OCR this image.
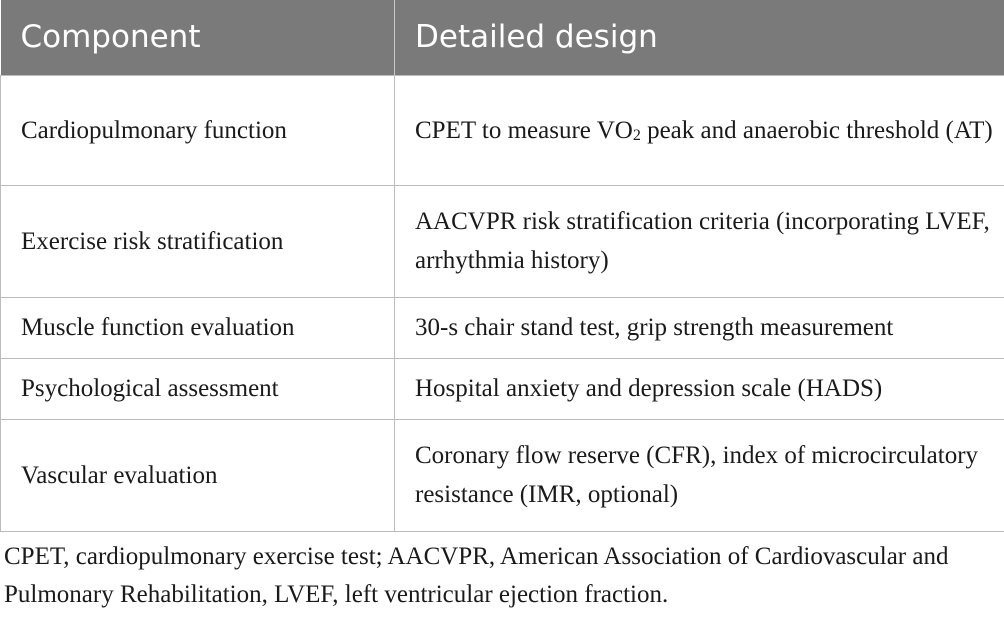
Component	Detailed design
Cardiopulmonary function	CPET to measure $VO_2$ peak and anaerobic threshold (AT)
Exercise risk stratification	AACVPR risk stratification criteria (incorporating LVEF, arrhythmia history)
Muscle function evaluation	30-s chair stand test, grip strength measurement
Psychological assessment	Hospital anxiety and depression scale (HADS)
Vascular evaluation	Coronary flow reserve (CFR), index of microcirculatory resistance (IMR, optional)

CPET, cardiopulmonary exercise test; AACVPR, American Association of Cardiovascular and Pulmonary Rehabilitation, LVEF, left ventricular ejection fraction.
